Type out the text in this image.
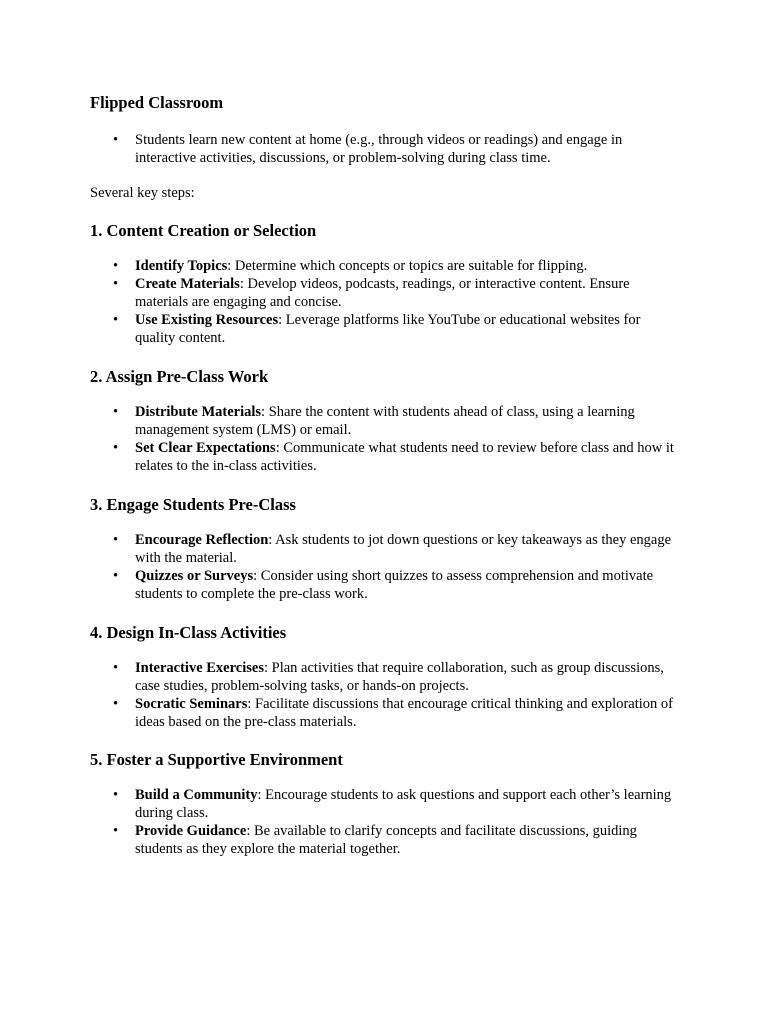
Flipped Classroom
• Students learn new content at home (e.g., through videos or readings) and engage in interactive activities, discussions, or problem-solving during class time.

Several key steps:

1. Content Creation or Selection
• Identify Topics: Determine which concepts or topics are suitable for flipping.
• Create Materials: Develop videos, podcasts, readings, or interactive content. Ensure materials are engaging and concise.
• Use Existing Resources: Leverage platforms like YouTube or educational websites for quality content.
2. Assign Pre-Class Work
• Distribute Materials: Share the content with students ahead of class, using a learning management system (LMS) or email.
• Set Clear Expectations: Communicate what students need to review before class and how it relates to the in-class activities.
3. Engage Students Pre-Class
• Encourage Reflection: Ask students to jot down questions or key takeaways as they engage with the material.
• Quizzes or Surveys: Consider using short quizzes to assess comprehension and motivate students to complete the pre-class work.
4. Design In-Class Activities
• Interactive Exercises: Plan activities that require collaboration, such as group discussions, case studies, problem-solving tasks, or hands-on projects.
• Socratic Seminars: Facilitate discussions that encourage critical thinking and exploration of ideas based on the pre-class materials.
5. Foster a Supportive Environment
• Build a Community: Encourage students to ask questions and support each other’s learning during class.
• Provide Guidance: Be available to clarify concepts and facilitate discussions, guiding students as they explore the material together.
